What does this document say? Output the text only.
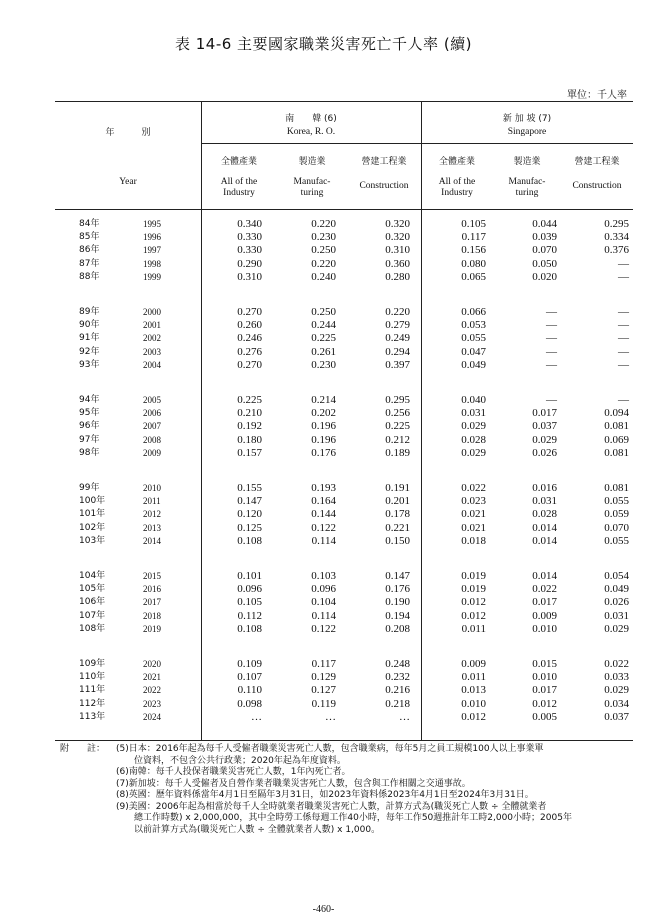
表 14-6 主要國家職業災害死亡千人率 (續)
單位：千人率
年　　　別
Year
南　　韓 (6)
Korea, R. O.
新 加 坡 (7)
Singapore
全體產業
All of the
Industry
製造業
Manufac-
turing
營建工程業
Construction
全體產業
All of the
Industry
製造業
Manufac-
turing
營建工程業
Construction
84年	1995	0.340	0.220	0.320	0.105	0.044	0.295
85年	1996	0.330	0.230	0.320	0.117	0.039	0.334
86年	1997	0.330	0.250	0.310	0.156	0.070	0.376
87年	1998	0.290	0.220	0.360	0.080	0.050	—
88年	1999	0.310	0.240	0.280	0.065	0.020	—
89年	2000	0.270	0.250	0.220	0.066	—	—
90年	2001	0.260	0.244	0.279	0.053	—	—
91年	2002	0.246	0.225	0.249	0.055	—	—
92年	2003	0.276	0.261	0.294	0.047	—	—
93年	2004	0.270	0.230	0.397	0.049	—	—
94年	2005	0.225	0.214	0.295	0.040	—	—
95年	2006	0.210	0.202	0.256	0.031	0.017	0.094
96年	2007	0.192	0.196	0.225	0.029	0.037	0.081
97年	2008	0.180	0.196	0.212	0.028	0.029	0.069
98年	2009	0.157	0.176	0.189	0.029	0.026	0.081
99年	2010	0.155	0.193	0.191	0.022	0.016	0.081
100年	2011	0.147	0.164	0.201	0.023	0.031	0.055
101年	2012	0.120	0.144	0.178	0.021	0.028	0.059
102年	2013	0.125	0.122	0.221	0.021	0.014	0.070
103年	2014	0.108	0.114	0.150	0.018	0.014	0.055
104年	2015	0.101	0.103	0.147	0.019	0.014	0.054
105年	2016	0.096	0.096	0.176	0.019	0.022	0.049
106年	2017	0.105	0.104	0.190	0.012	0.017	0.026
107年	2018	0.112	0.114	0.194	0.012	0.009	0.031
108年	2019	0.108	0.122	0.208	0.011	0.010	0.029
109年	2020	0.109	0.117	0.248	0.009	0.015	0.022
110年	2021	0.107	0.129	0.232	0.011	0.010	0.033
111年	2022	0.110	0.127	0.216	0.013	0.017	0.029
112年	2023	0.098	0.119	0.218	0.010	0.012	0.034
113年	2024	…	…	…	0.012	0.005	0.037
附　　註： (5)日本：2016年起為每千人受僱者職業災害死亡人數，包含職業病，每年5月之員工規模100人以上事業單
　　位資料，不包含公共行政業；2020年起為年度資料。
(6)南韓：每千人投保者職業災害死亡人數，1年內死亡者。
(7)新加坡：每千人受僱者及自營作業者職業災害死亡人數，包含與工作相關之交通事故。
(8)英國：歷年資料係當年4月1日至隔年3月31日，如2023年資料係2023年4月1日至2024年3月31日。
(9)美國：2006年起為相當於每千人全時就業者職業災害死亡人數，計算方式為(職災死亡人數 ÷ 全體就業者
　　總工作時數) x 2,000,000，其中全時勞工係每週工作40小時，每年工作50週推計年工時2,000小時；2005年
　　以前計算方式為(職災死亡人數 ÷ 全體就業者人數) x 1,000。
-460-
